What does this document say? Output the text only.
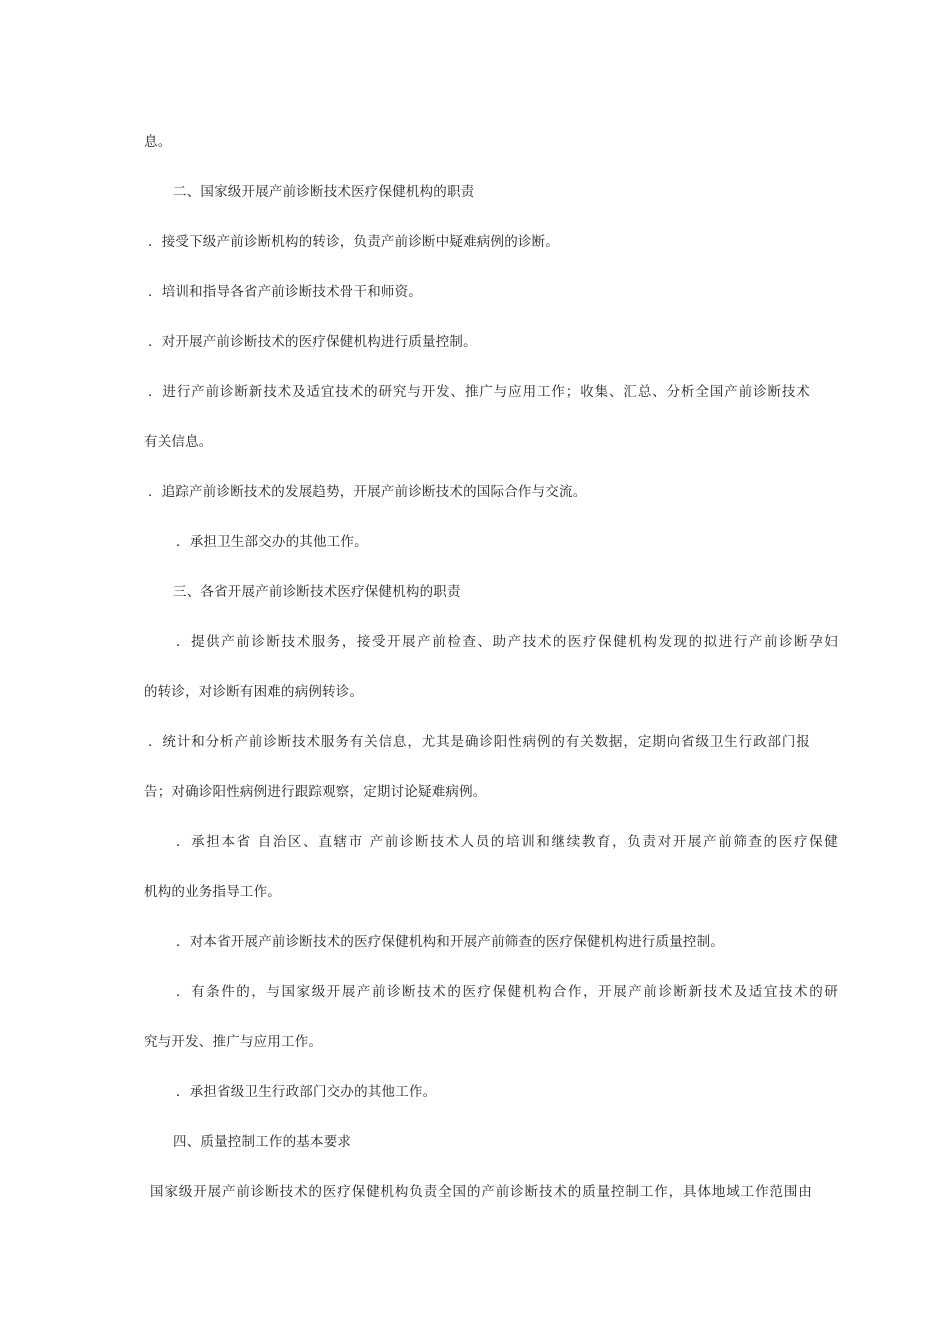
息。
二、国家级开展产前诊断技术医疗保健机构的职责
．接受下级产前诊断机构的转诊，负责产前诊断中疑难病例的诊断。
．培训和指导各省产前诊断技术骨干和师资。
．对开展产前诊断技术的医疗保健机构进行质量控制。
．进行产前诊断新技术及适宜技术的研究与开发、推广与应用工作；收集、汇总、分析全国产前诊断技术
有关信息。
．追踪产前诊断技术的发展趋势，开展产前诊断技术的国际合作与交流。
．承担卫生部交办的其他工作。
三、各省开展产前诊断技术医疗保健机构的职责
．提供产前诊断技术服务，接受开展产前检查、助产技术的医疗保健机构发现的拟进行产前诊断孕妇
的转诊，对诊断有困难的病例转诊。
．统计和分析产前诊断技术服务有关信息，尤其是确诊阳性病例的有关数据，定期向省级卫生行政部门报
告；对确诊阳性病例进行跟踪观察，定期讨论疑难病例。
．承担本省 自治区、直辖市 产前诊断技术人员的培训和继续教育，负责对开展产前筛查的医疗保健
机构的业务指导工作。
．对本省开展产前诊断技术的医疗保健机构和开展产前筛查的医疗保健机构进行质量控制。
．有条件的，与国家级开展产前诊断技术的医疗保健机构合作，开展产前诊断新技术及适宜技术的研
究与开发、推广与应用工作。
．承担省级卫生行政部门交办的其他工作。
四、质量控制工作的基本要求
国家级开展产前诊断技术的医疗保健机构负责全国的产前诊断技术的质量控制工作，具体地域工作范围由
